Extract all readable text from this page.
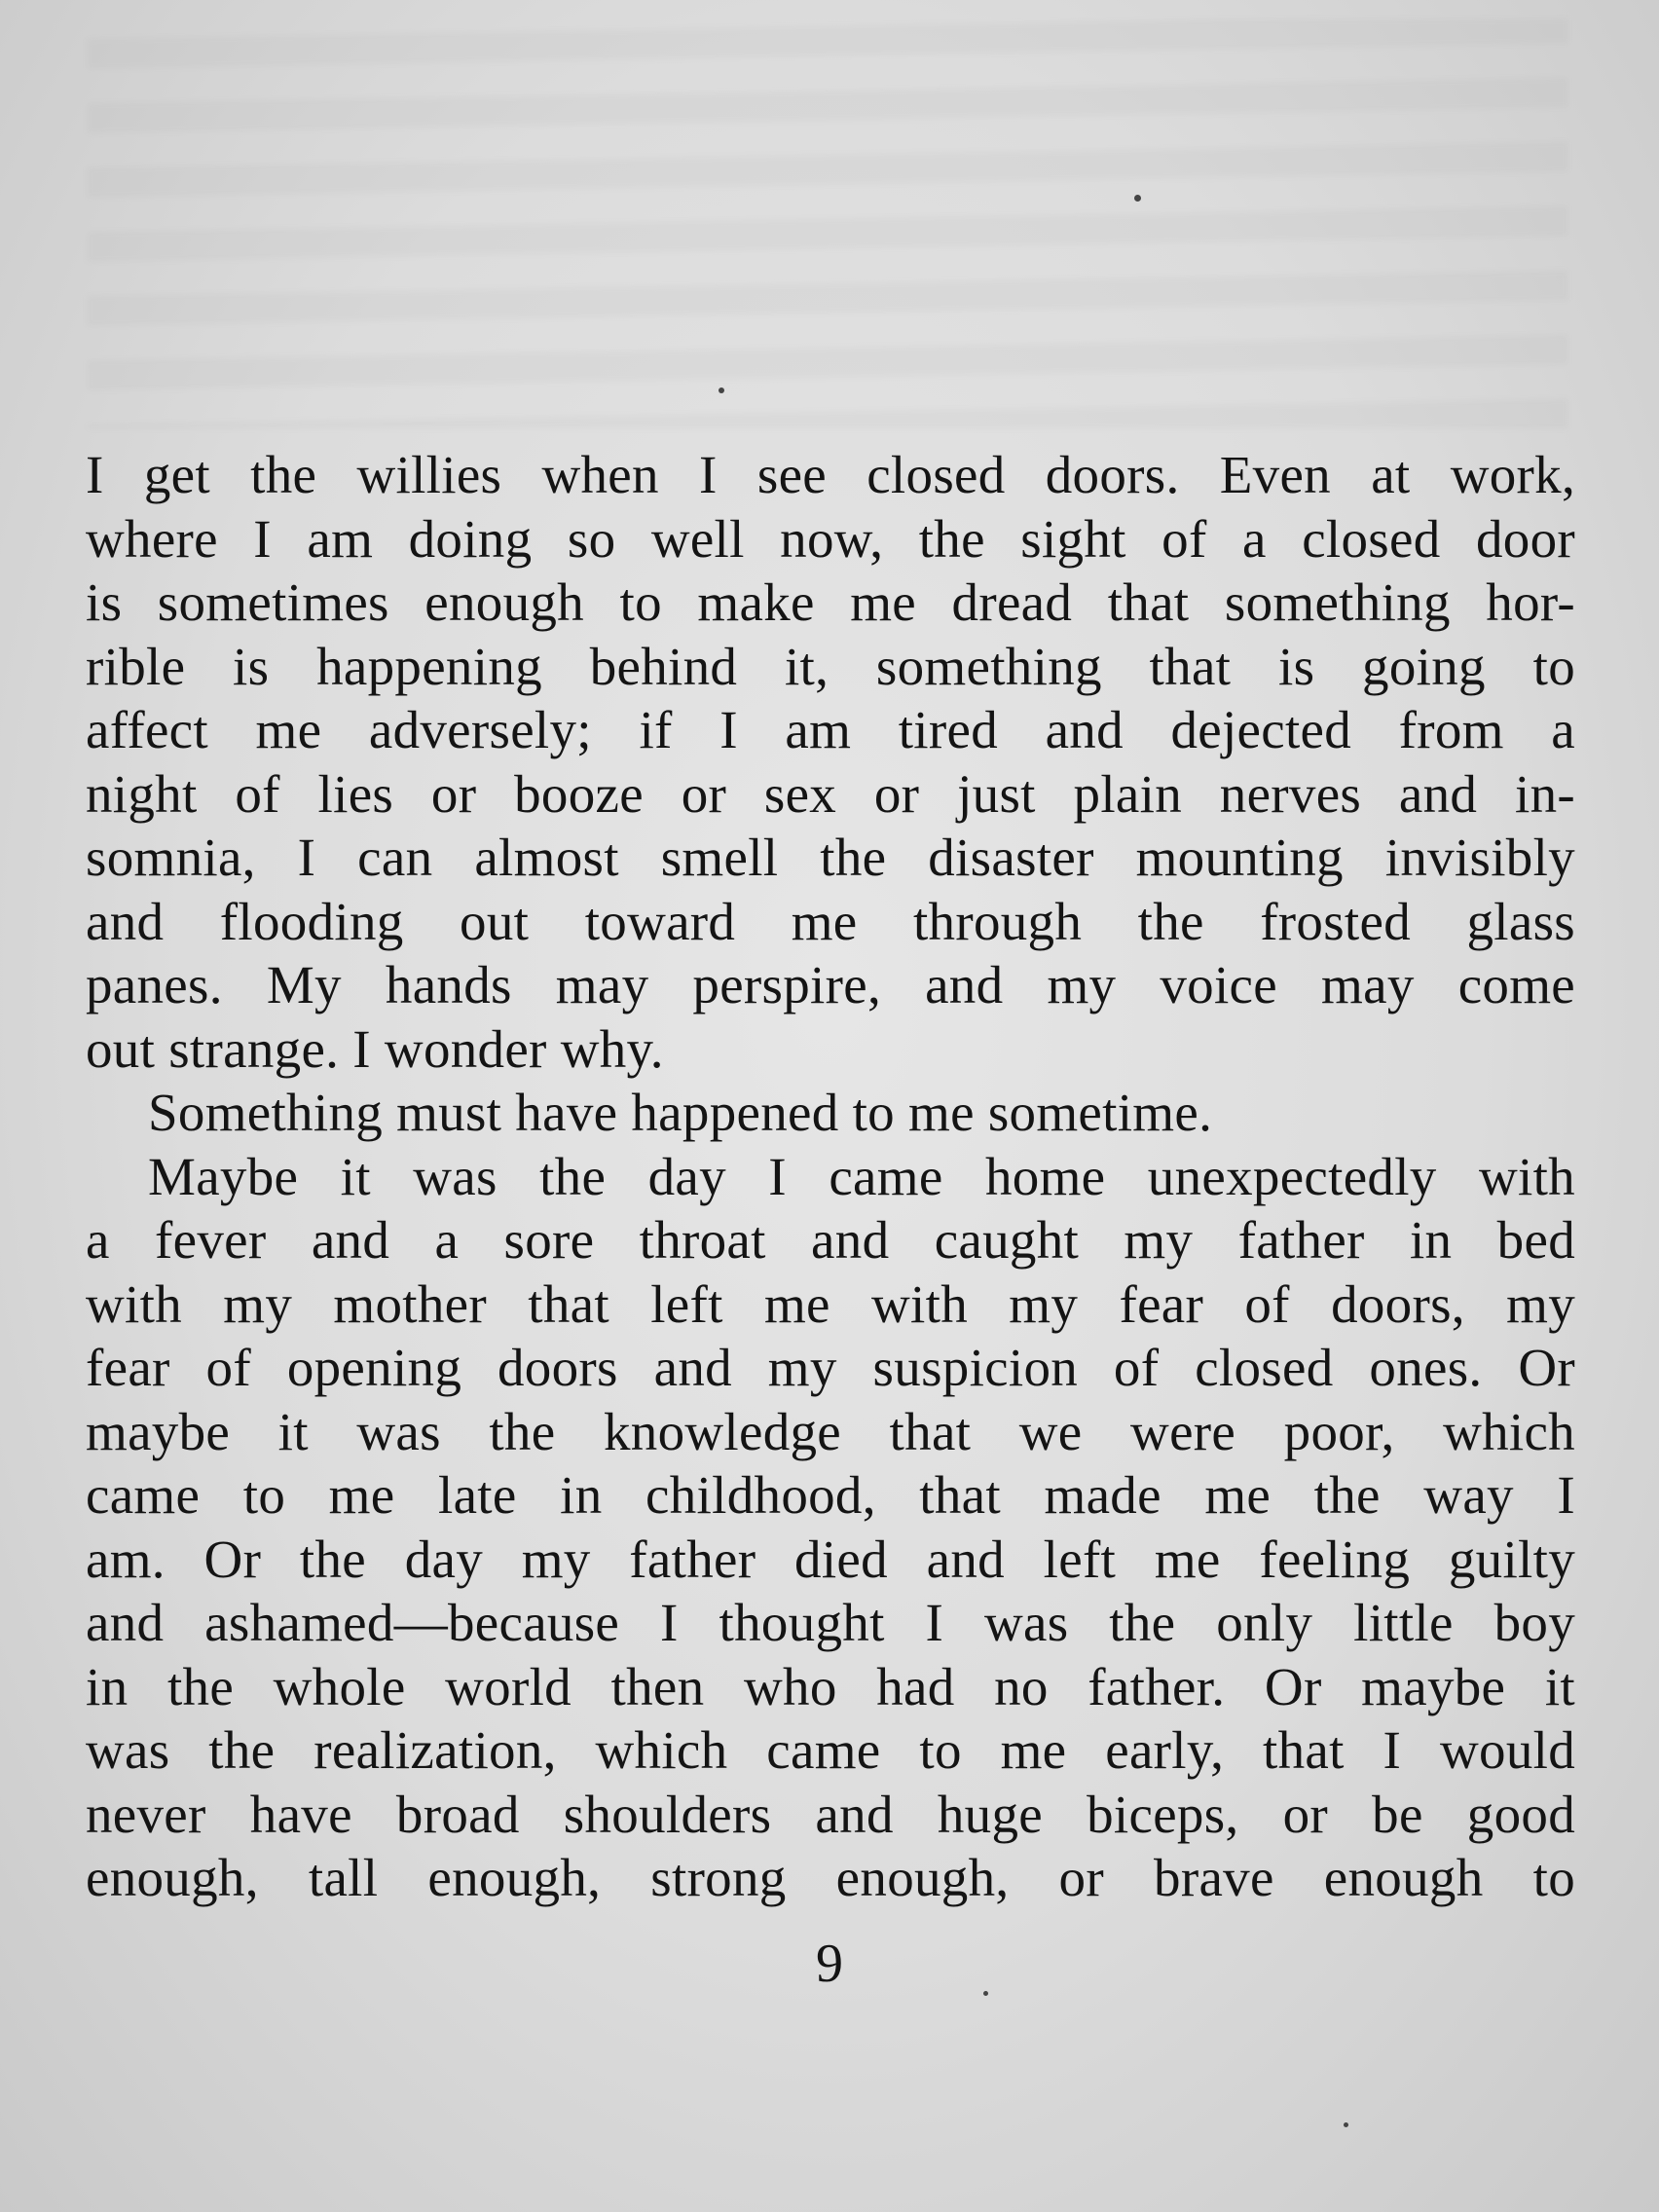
I get the willies when I see closed doors. Even at work,
where I am doing so well now, the sight of a closed door
is sometimes enough to make me dread that something hor-
rible is happening behind it, something that is going to
affect me adversely; if I am tired and dejected from a
night of lies or booze or sex or just plain nerves and in-
somnia, I can almost smell the disaster mounting invisibly
and flooding out toward me through the frosted glass
panes. My hands may perspire, and my voice may come
out strange. I wonder why.
Something must have happened to me sometime.
Maybe it was the day I came home unexpectedly with
a fever and a sore throat and caught my father in bed
with my mother that left me with my fear of doors, my
fear of opening doors and my suspicion of closed ones. Or
maybe it was the knowledge that we were poor, which
came to me late in childhood, that made me the way I
am. Or the day my father died and left me feeling guilty
and ashamed—because I thought I was the only little boy
in the whole world then who had no father. Or maybe it
was the realization, which came to me early, that I would
never have broad shoulders and huge biceps, or be good
enough, tall enough, strong enough, or brave enough to
9
